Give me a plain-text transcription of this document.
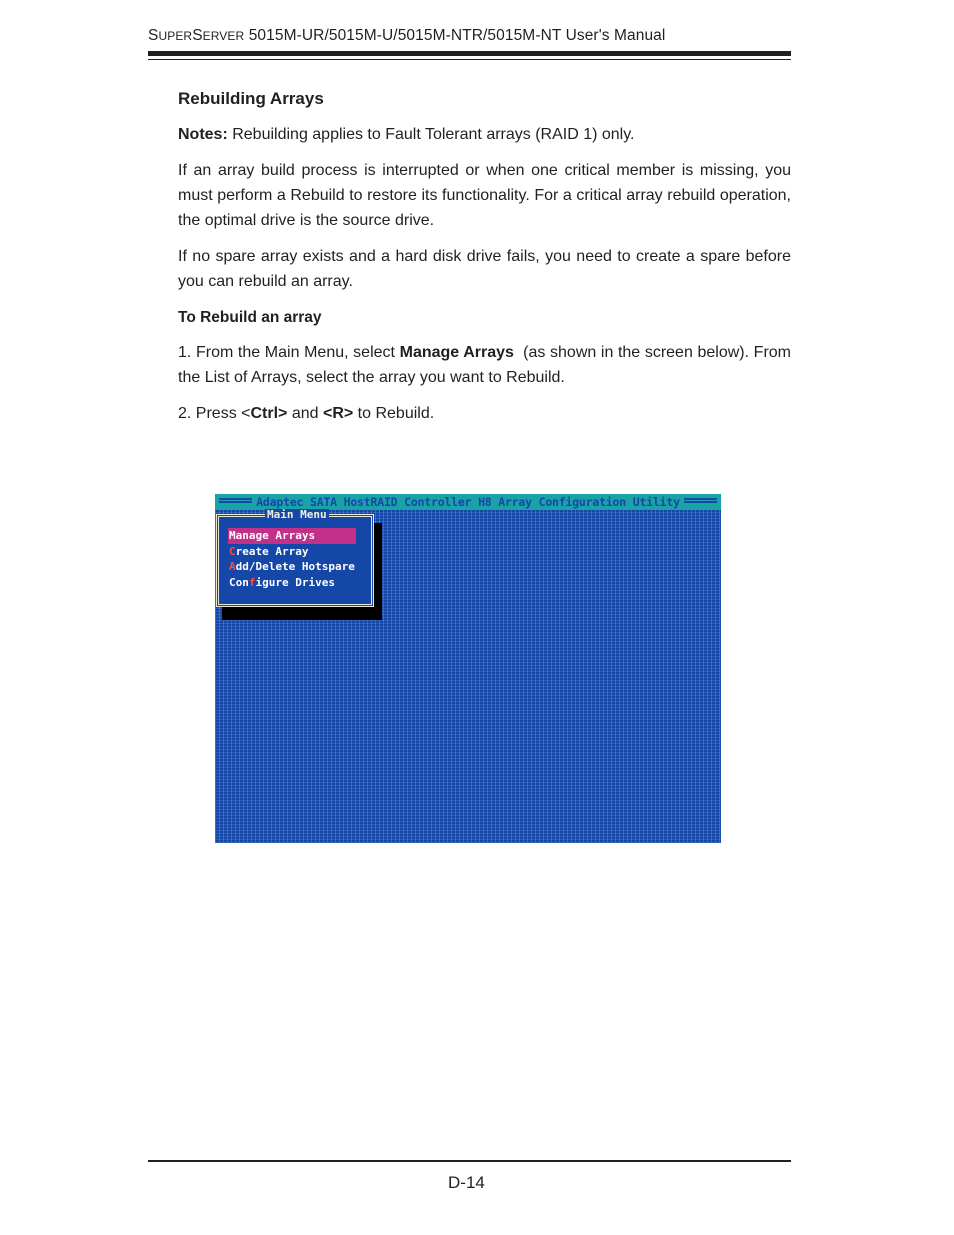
SUPERSERVER 5015M-UR/5015M-U/5015M-NTR/5015M-NT User's Manual
Rebuilding Arrays

Notes: Rebuilding applies to Fault Tolerant arrays (RAID 1) only.

If an array build process is interrupted or when one critical member is missing, you must perform a Rebuild to restore its functionality. For a critical array rebuild operation, the optimal drive is the source drive.

If no spare array exists and a hard disk drive fails, you need to create a spare before you can rebuild an array.

To Rebuild an array

1. From the Main Menu, select Manage Arrays  (as shown in the screen below). From the List of Arrays, select the array you want to Rebuild.

2. Press <Ctrl> and <R> to Rebuild.

Adaptec SATA HostRAID Controller H8 Array Configuration Utility
Main Menu
Manage Arrays
Create Array
Add/Delete Hotspare
Configure Drives
D-14
